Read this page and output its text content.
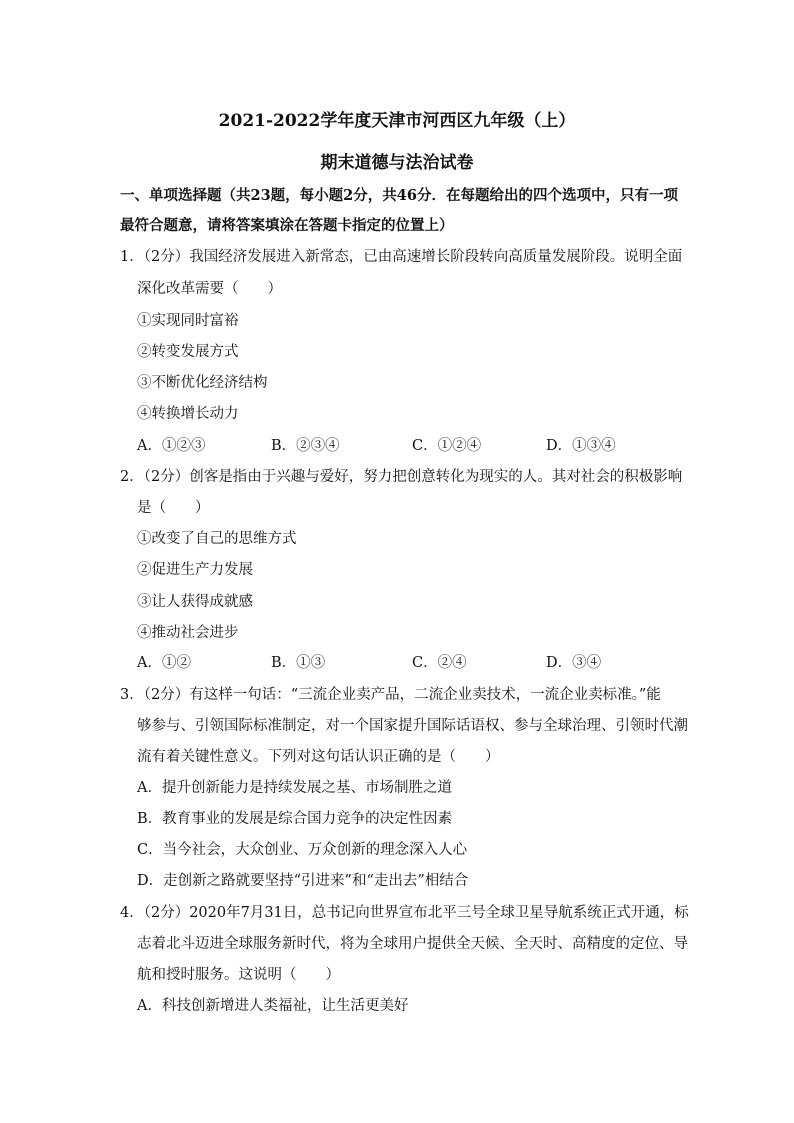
2021-2022学年度天津市河西区九年级（上）
期末道德与法治试卷
一、单项选择题（共23题，每小题2分，共46分．在每题给出的四个选项中，只有一项
最符合题意，请将答案填涂在答题卡指定的位置上）
1．（2分）我国经济发展进入新常态，已由高速增长阶段转向高质量发展阶段。说明全面
深化改革需要（　　）
①实现同时富裕
②转变发展方式
③不断优化经济结构
④转换增长动力
A．①②③	B．②③④	C．①②④	D．①③④
2．（2分）创客是指由于兴趣与爱好，努力把创意转化为现实的人。其对社会的积极影响
是（　　）
①改变了自己的思维方式
②促进生产力发展
③让人获得成就感
④推动社会进步
A．①②	B．①③	C．②④	D．③④
3．（2分）有这样一句话：“三流企业卖产品，二流企业卖技术，一流企业卖标准。”能
够参与、引领国际标准制定，对一个国家提升国际话语权、参与全球治理、引领时代潮
流有着关键性意义。下列对这句话认识正确的是（　　）
A．提升创新能力是持续发展之基、市场制胜之道
B．教育事业的发展是综合国力竞争的决定性因素
C．当今社会，大众创业、万众创新的理念深入人心
D．走创新之路就要坚持“引进来”和“走出去”相结合
4．（2分）2020年7月31日，总书记向世界宣布北平三号全球卫星导航系统正式开通，标
志着北斗迈进全球服务新时代，将为全球用户提供全天候、全天时、高精度的定位、导
航和授时服务。这说明（　　）
A．科技创新增进人类福祉，让生活更美好
